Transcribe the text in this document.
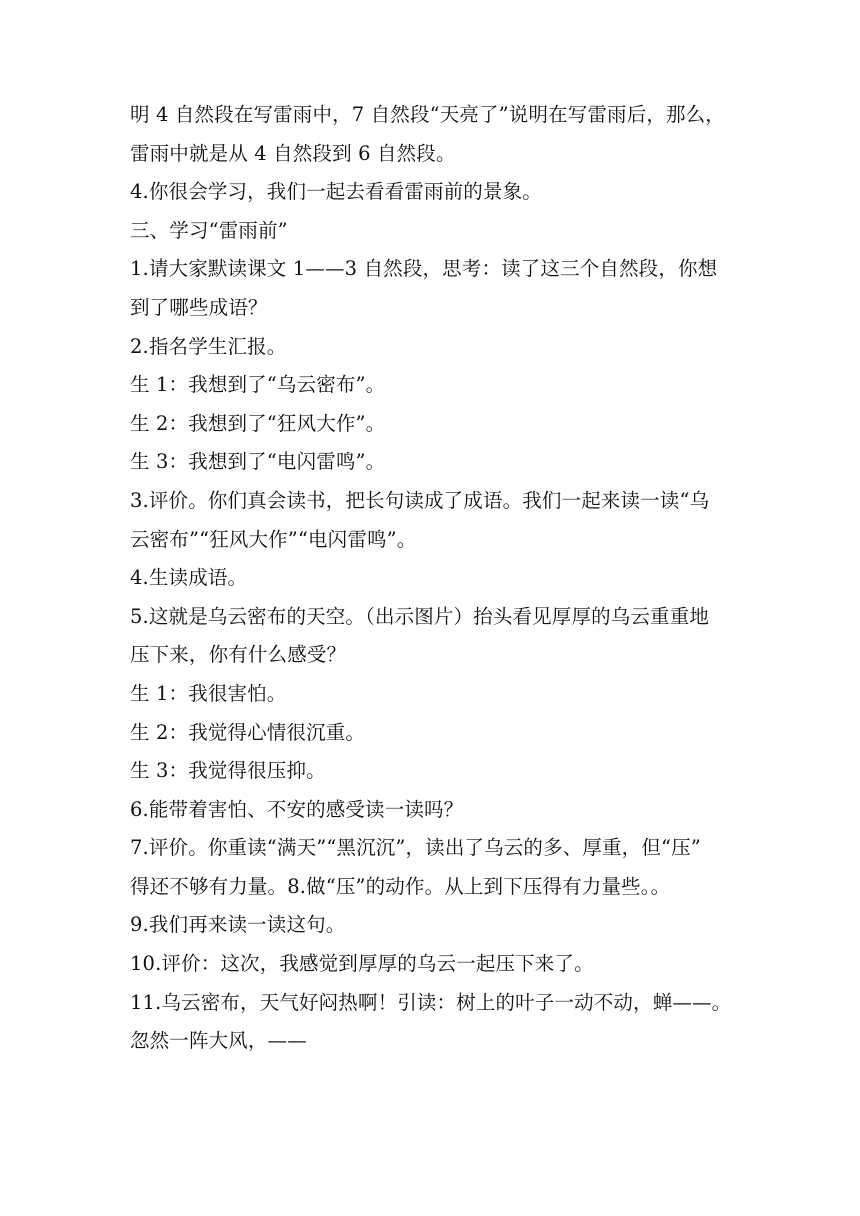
明 4 自然段在写雷雨中，7 自然段“天亮了”说明在写雷雨后，那么，
雷雨中就是从 4 自然段到 6 自然段。
4.你很会学习，我们一起去看看雷雨前的景象。
三、学习“雷雨前”
1.请大家默读课文 1——3 自然段，思考：读了这三个自然段，你想
到了哪些成语？
2.指名学生汇报。
生 1：我想到了“乌云密布”。
生 2：我想到了“狂风大作”。
生 3：我想到了“电闪雷鸣”。
3.评价。你们真会读书，把长句读成了成语。我们一起来读一读“乌
云密布”“狂风大作”“电闪雷鸣”。
4.生读成语。
5.这就是乌云密布的天空。（出示图片）抬头看见厚厚的乌云重重地
压下来，你有什么感受？
生 1：我很害怕。
生 2：我觉得心情很沉重。
生 3：我觉得很压抑。
6.能带着害怕、不安的感受读一读吗？
7.评价。你重读“满天”“黑沉沉”，读出了乌云的多、厚重，但“压”
得还不够有力量。8.做“压”的动作。从上到下压得有力量些。。
9.我们再来读一读这句。
10.评价：这次，我感觉到厚厚的乌云一起压下来了。
11.乌云密布，天气好闷热啊！引读：树上的叶子一动不动，蝉——。
忽然一阵大风，——
